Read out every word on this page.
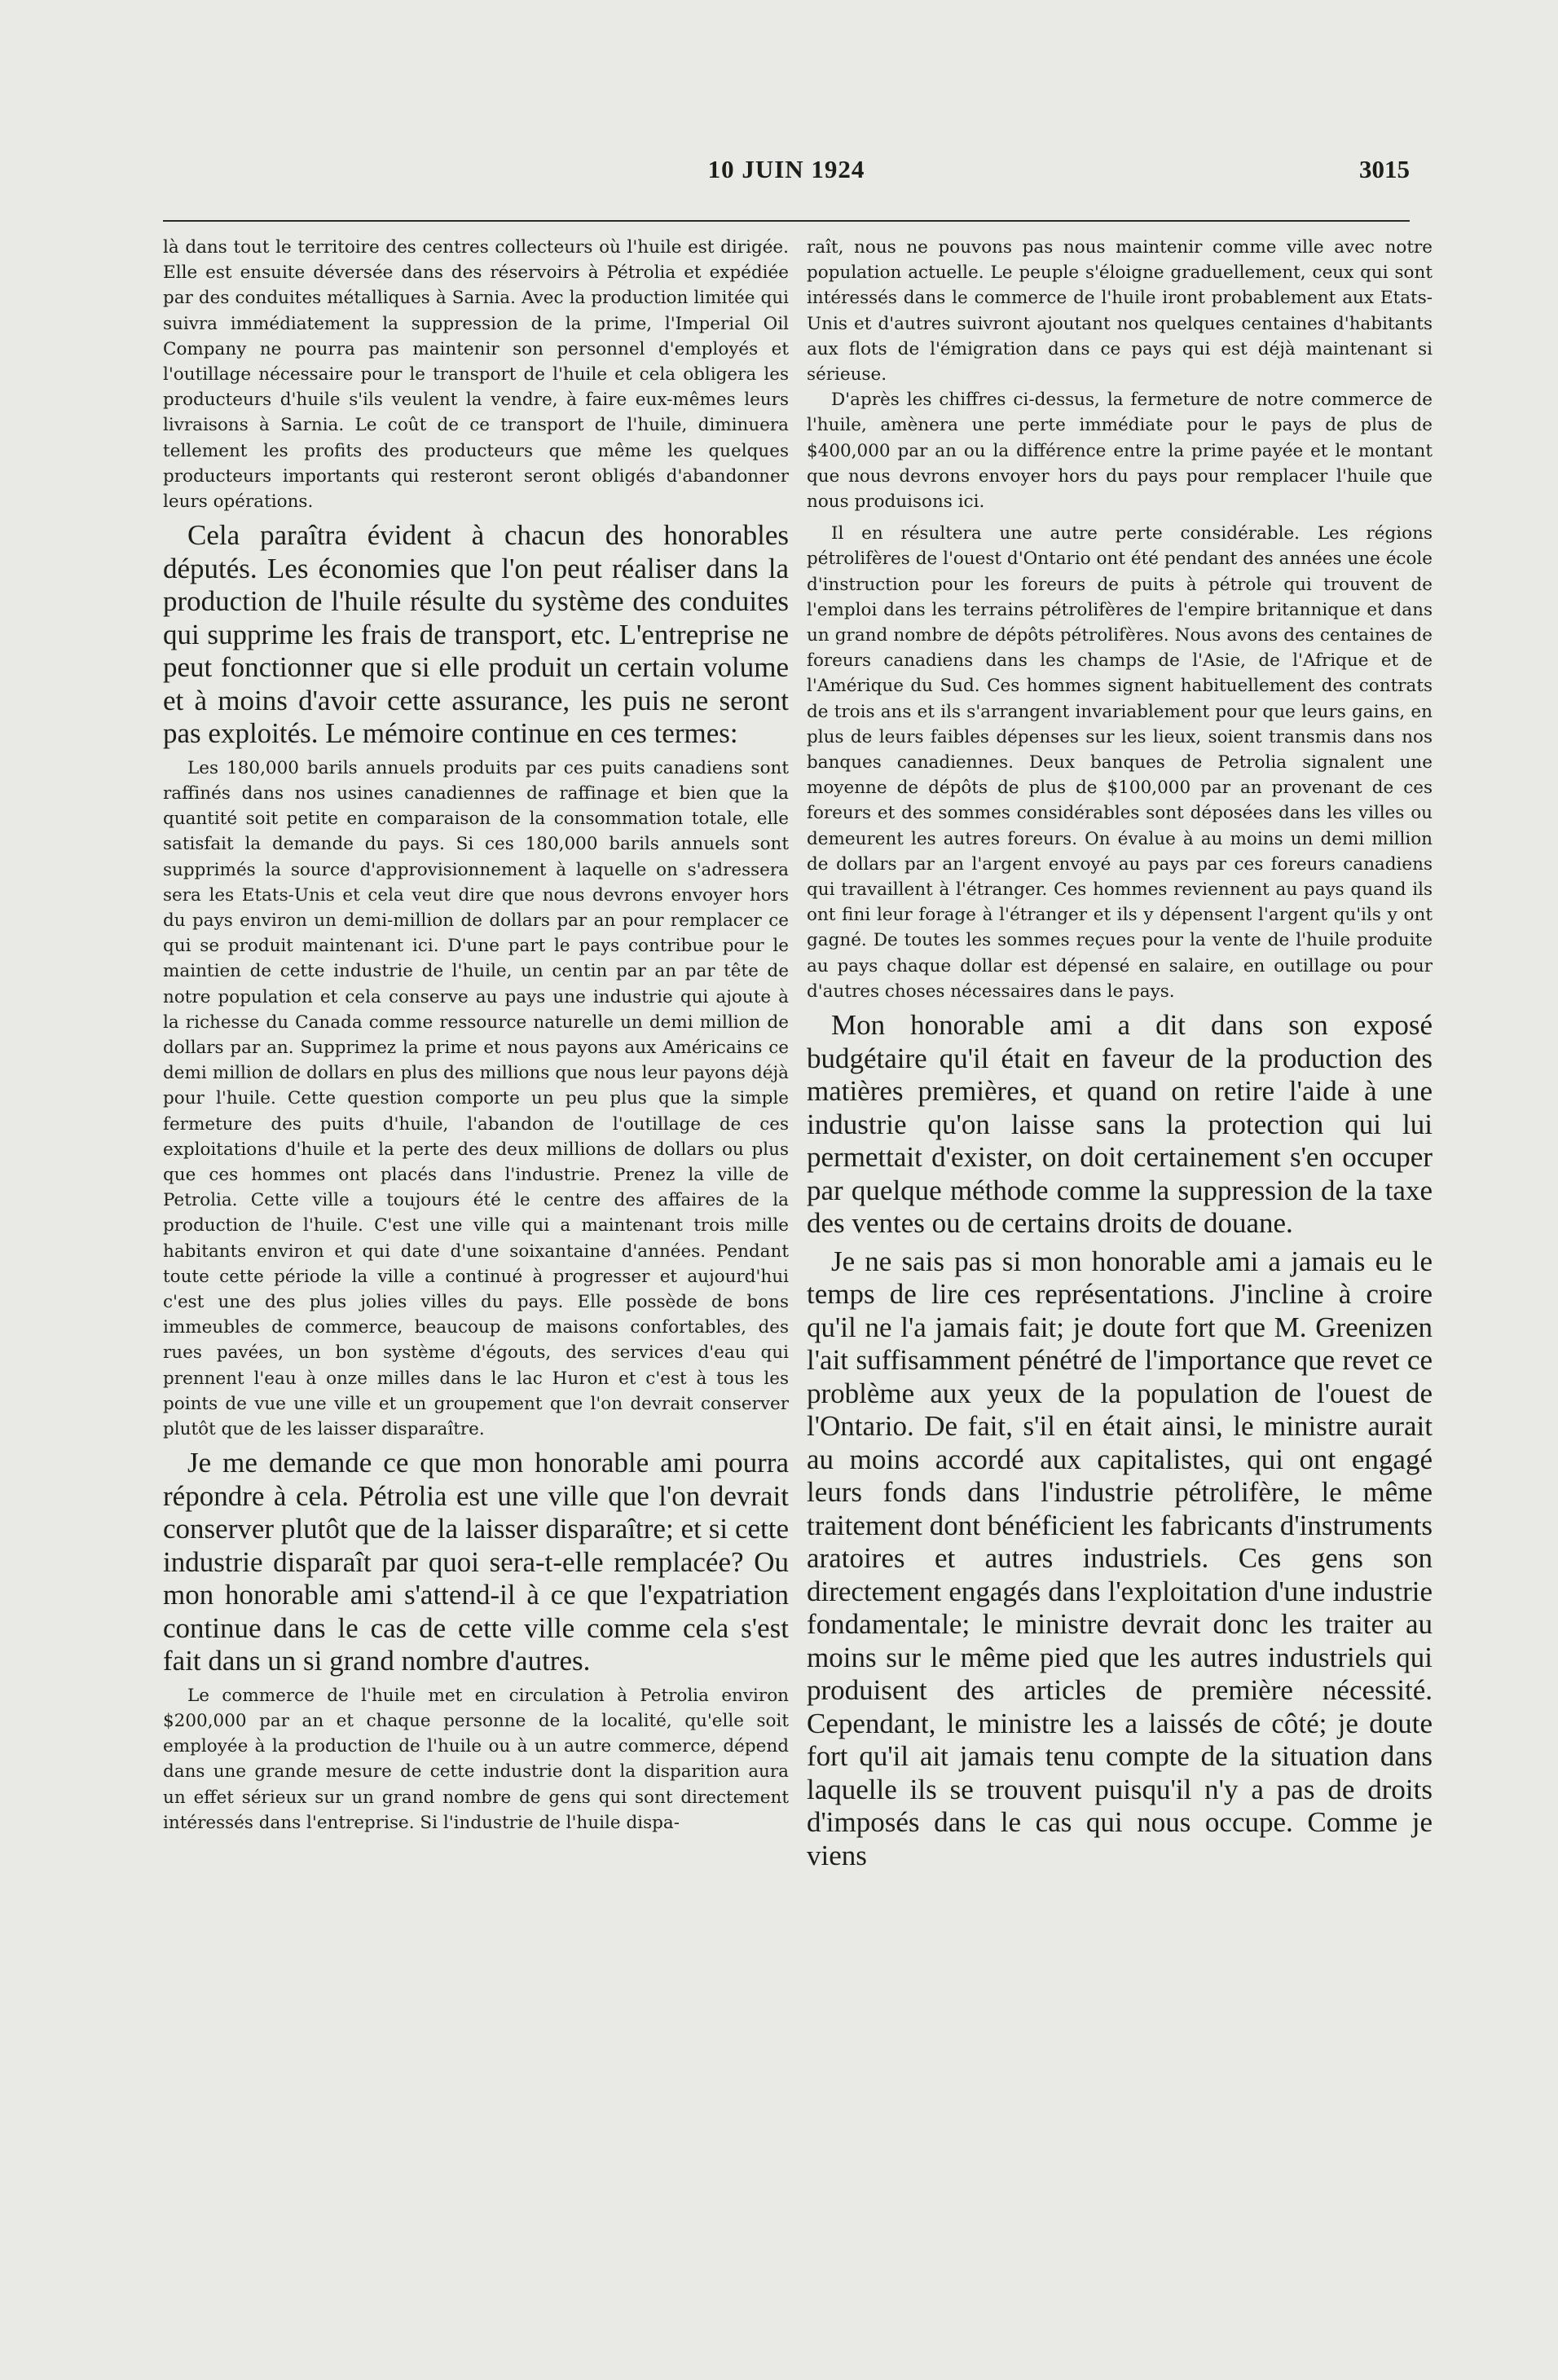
10 JUIN 1924	3015

là dans tout le territoire des centres collecteurs où l'huile est dirigée. Elle est ensuite déversée dans des réservoirs à Pétrolia et expédiée par des conduites métalliques à Sarnia. Avec la production limitée qui suivra immédiatement la suppression de la prime, l'Imperial Oil Company ne pourra pas maintenir son personnel d'employés et l'outillage nécessaire pour le transport de l'huile et cela obligera les producteurs d'huile s'ils veulent la vendre, à faire eux-mêmes leurs livraisons à Sarnia. Le coût de ce transport de l'huile, diminuera tellement les profits des producteurs que même les quelques producteurs importants qui resteront seront obligés d'abandonner leurs opérations.

Cela paraîtra évident à chacun des honorables députés. Les économies que l'on peut réaliser dans la production de l'huile résulte du système des conduites qui supprime les frais de transport, etc. L'entreprise ne peut fonctionner que si elle produit un certain volume et à moins d'avoir cette assurance, les puis ne seront pas exploités. Le mémoire continue en ces termes:

Les 180,000 barils annuels produits par ces puits canadiens sont raffinés dans nos usines canadiennes de raffinage et bien que la quantité soit petite en comparaison de la consommation totale, elle satisfait la demande du pays. Si ces 180,000 barils annuels sont supprimés la source d'approvisionnement à laquelle on s'adressera sera les Etats-Unis et cela veut dire que nous devrons envoyer hors du pays environ un demi-million de dollars par an pour remplacer ce qui se produit maintenant ici. D'une part le pays contribue pour le maintien de cette industrie de l'huile, un centin par an par tête de notre population et cela conserve au pays une industrie qui ajoute à la richesse du Canada comme ressource naturelle un demi million de dollars par an. Supprimez la prime et nous payons aux Américains ce demi million de dollars en plus des millions que nous leur payons déjà pour l'huile. Cette question comporte un peu plus que la simple fermeture des puits d'huile, l'abandon de l'outillage de ces exploitations d'huile et la perte des deux millions de dollars ou plus que ces hommes ont placés dans l'industrie. Prenez la ville de Petrolia. Cette ville a toujours été le centre des affaires de la production de l'huile. C'est une ville qui a maintenant trois mille habitants environ et qui date d'une soixantaine d'années. Pendant toute cette période la ville a continué à progresser et aujourd'hui c'est une des plus jolies villes du pays. Elle possède de bons immeubles de commerce, beaucoup de maisons confortables, des rues pavées, un bon système d'égouts, des services d'eau qui prennent l'eau à onze milles dans le lac Huron et c'est à tous les points de vue une ville et un groupement que l'on devrait conserver plutôt que de les laisser disparaître.

Je me demande ce que mon honorable ami pourra répondre à cela. Pétrolia est une ville que l'on devrait conserver plutôt que de la laisser disparaître; et si cette industrie disparaît par quoi sera-t-elle remplacée? Ou mon honorable ami s'attend-il à ce que l'expatriation continue dans le cas de cette ville comme cela s'est fait dans un si grand nombre d'autres.

Le commerce de l'huile met en circulation à Petrolia environ $200,000 par an et chaque personne de la localité, qu'elle soit employée à la production de l'huile ou à un autre commerce, dépend dans une grande mesure de cette industrie dont la disparition aura un effet sérieux sur un grand nombre de gens qui sont directement intéressés dans l'entreprise. Si l'industrie de l'huile dispa-

raît, nous ne pouvons pas nous maintenir comme ville avec notre population actuelle. Le peuple s'éloigne graduellement, ceux qui sont intéressés dans le commerce de l'huile iront probablement aux Etats-Unis et d'autres suivront ajoutant nos quelques centaines d'habitants aux flots de l'émigration dans ce pays qui est déjà maintenant si sérieuse.

D'après les chiffres ci-dessus, la fermeture de notre commerce de l'huile, amènera une perte immédiate pour le pays de plus de $400,000 par an ou la différence entre la prime payée et le montant que nous devrons envoyer hors du pays pour remplacer l'huile que nous produisons ici.

Il en résultera une autre perte considérable. Les régions pétrolifères de l'ouest d'Ontario ont été pendant des années une école d'instruction pour les foreurs de puits à pétrole qui trouvent de l'emploi dans les terrains pétrolifères de l'empire britannique et dans un grand nombre de dépôts pétrolifères. Nous avons des centaines de foreurs canadiens dans les champs de l'Asie, de l'Afrique et de l'Amérique du Sud. Ces hommes signent habituellement des contrats de trois ans et ils s'arrangent invariablement pour que leurs gains, en plus de leurs faibles dépenses sur les lieux, soient transmis dans nos banques canadiennes. Deux banques de Petrolia signalent une moyenne de dépôts de plus de $100,000 par an provenant de ces foreurs et des sommes considérables sont déposées dans les villes ou demeurent les autres foreurs. On évalue à au moins un demi million de dollars par an l'argent envoyé au pays par ces foreurs canadiens qui travaillent à l'étranger. Ces hommes reviennent au pays quand ils ont fini leur forage à l'étranger et ils y dépensent l'argent qu'ils y ont gagné. De toutes les sommes reçues pour la vente de l'huile produite au pays chaque dollar est dépensé en salaire, en outillage ou pour d'autres choses nécessaires dans le pays.

Mon honorable ami a dit dans son exposé budgétaire qu'il était en faveur de la production des matières premières, et quand on retire l'aide à une industrie qu'on laisse sans la protection qui lui permettait d'exister, on doit certainement s'en occuper par quelque méthode comme la suppression de la taxe des ventes ou de certains droits de douane.

Je ne sais pas si mon honorable ami a jamais eu le temps de lire ces représentations. J'incline à croire qu'il ne l'a jamais fait; je doute fort que M. Greenizen l'ait suffisamment pénétré de l'importance que revet ce problème aux yeux de la population de l'ouest de l'Ontario. De fait, s'il en était ainsi, le ministre aurait au moins accordé aux capitalistes, qui ont engagé leurs fonds dans l'industrie pétrolifère, le même traitement dont bénéficient les fabricants d'instruments aratoires et autres industriels. Ces gens son directement engagés dans l'exploitation d'une industrie fondamentale; le ministre devrait donc les traiter au moins sur le même pied que les autres industriels qui produisent des articles de première nécessité. Cependant, le ministre les a laissés de côté; je doute fort qu'il ait jamais tenu compte de la situation dans laquelle ils se trouvent puisqu'il n'y a pas de droits d'imposés dans le cas qui nous occupe. Comme je viens
